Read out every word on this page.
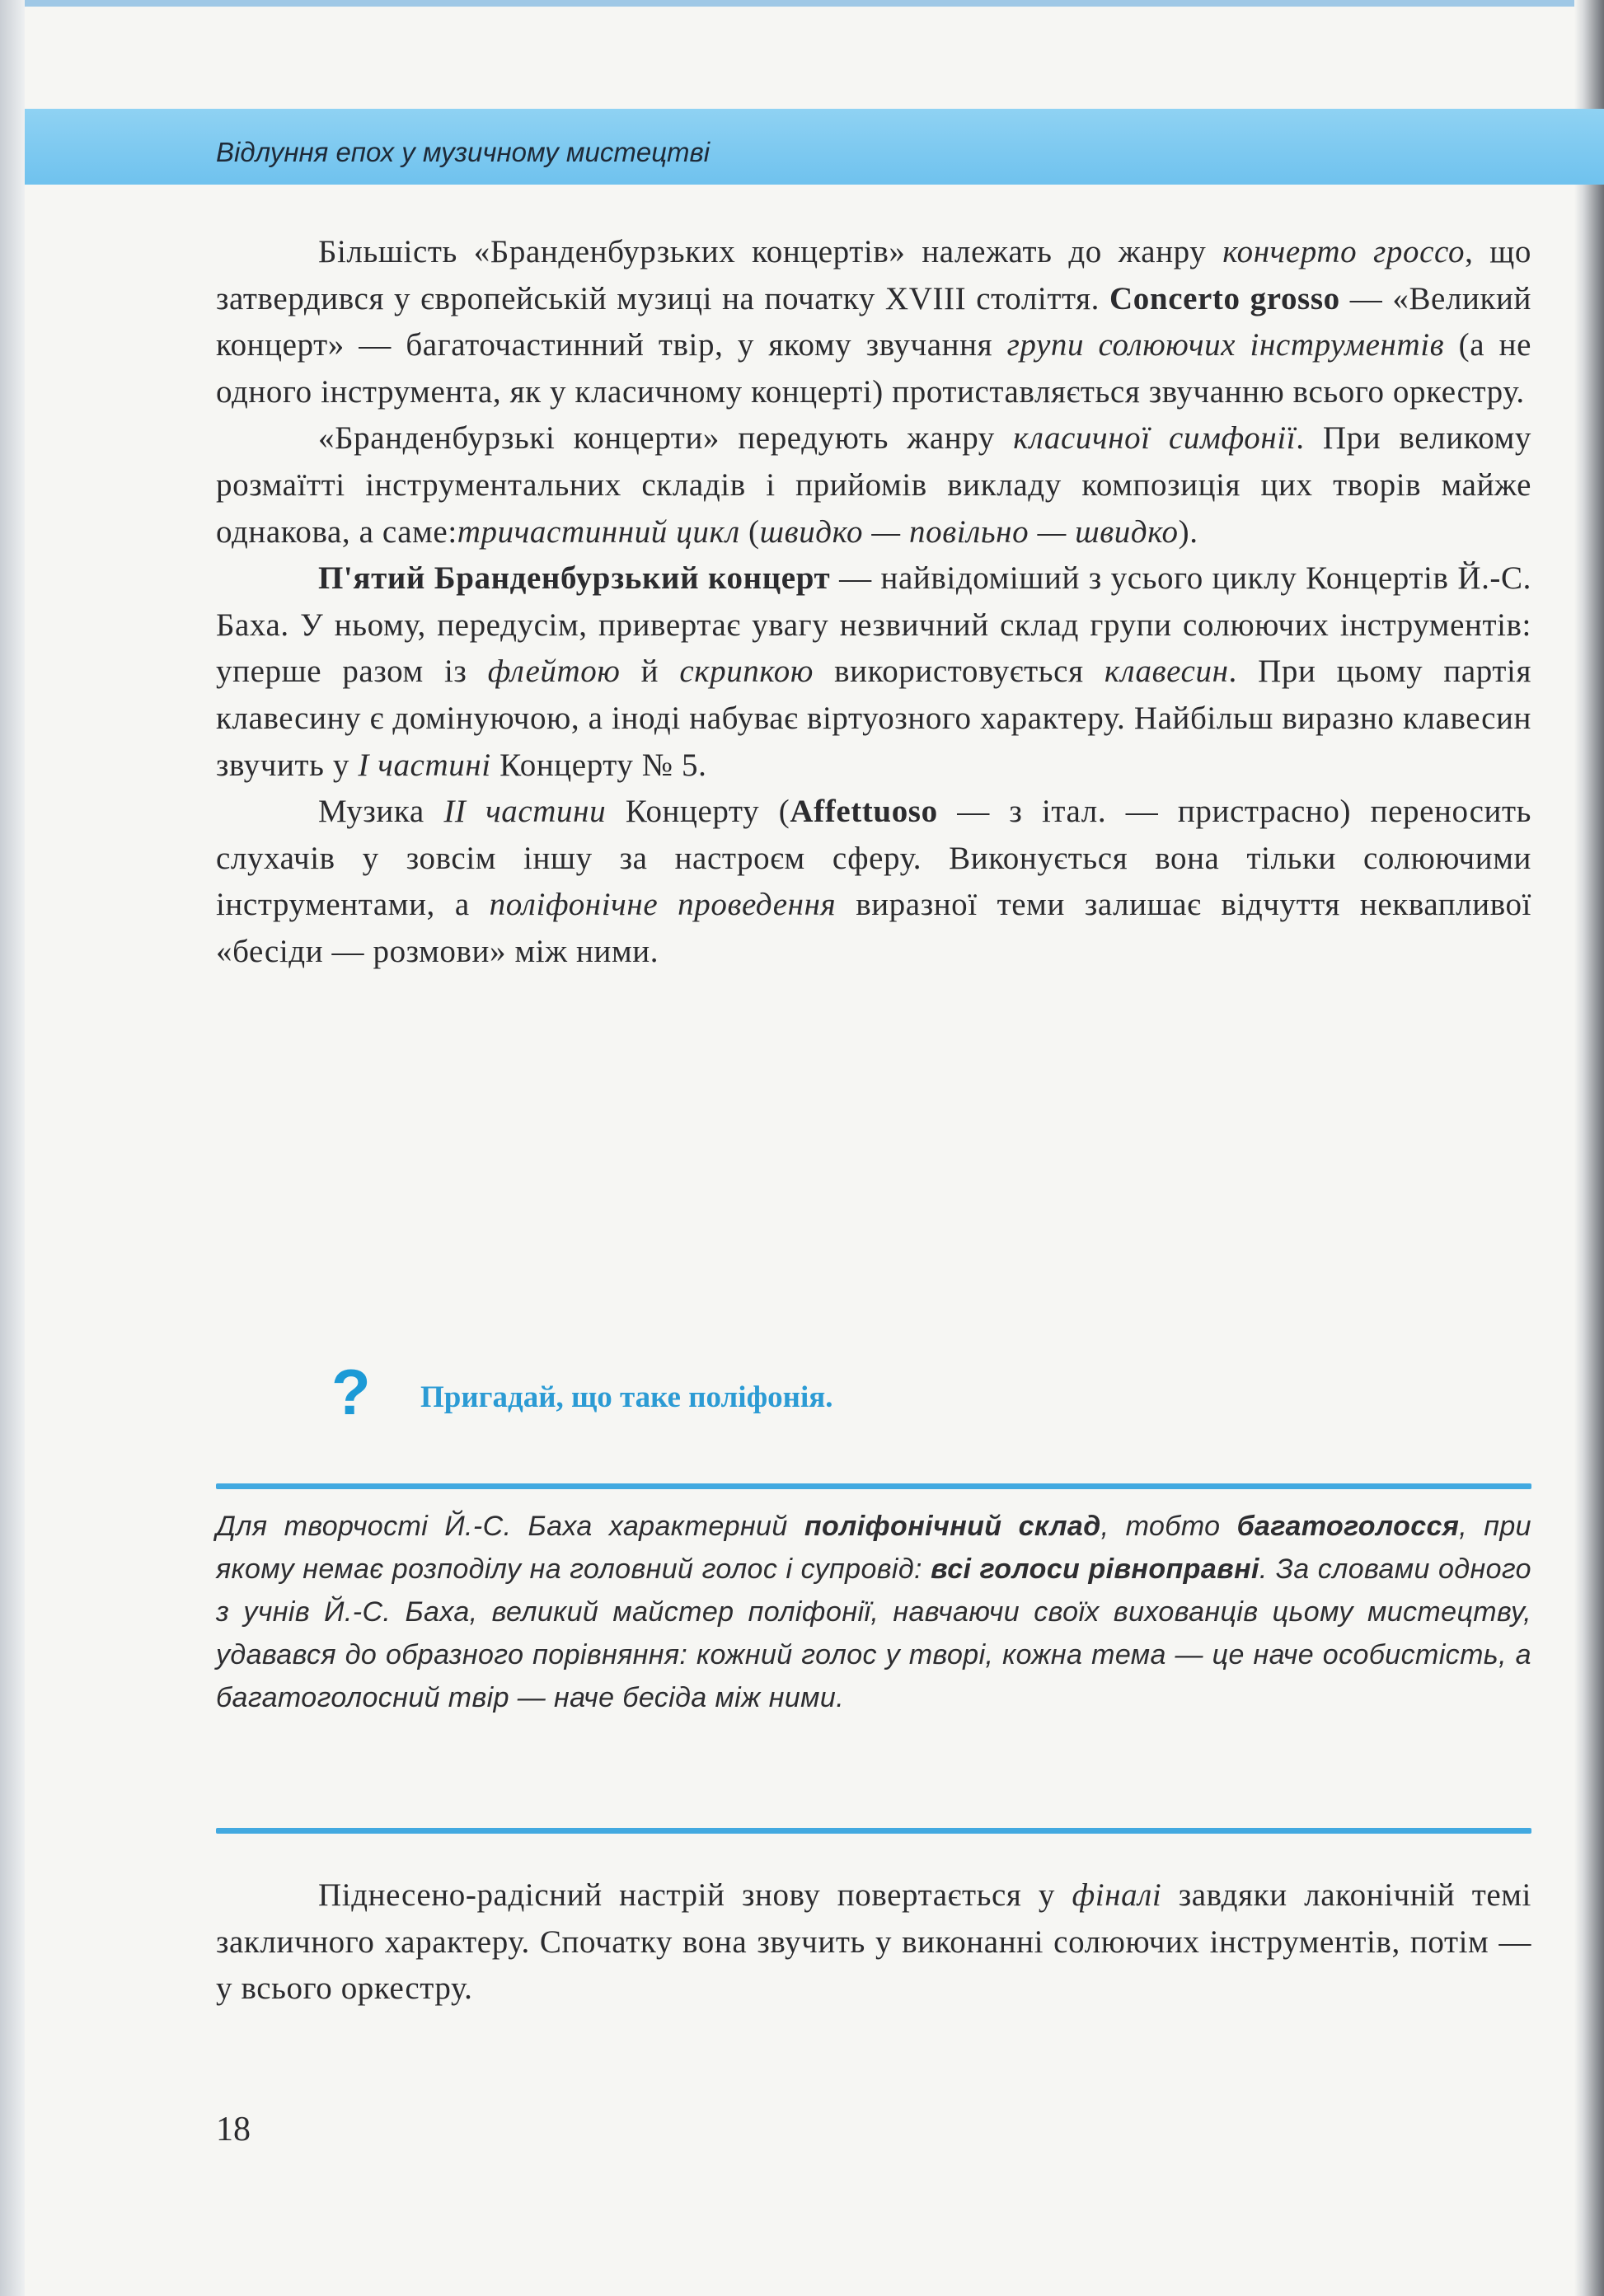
Відлуння епох у музичному мистецтві

Більшість «Бранденбурзьких концертів» належать до жанру кончерто гроссо, що затвердився у європейській музиці на початку XVIII століття. Concerto grosso — «Великий концерт» — багаточастинний твір, у якому звучання групи солюючих інструментів (а не одного інструмента, як у класичному концерті) протиставляється звучанню всього оркестру.

«Бранденбурзькі концерти» передують жанру класичної симфонії. При великому розмаїтті інструментальних складів і прийомів викладу композиція цих творів майже однакова, а саме:тричастинний цикл (швидко — повільно — швидко).

П'ятий Бранденбурзький концерт — найвідоміший з усього циклу Концертів Й.-С. Баха. У ньому, передусім, привертає увагу незвичний склад групи солюючих інструментів: уперше разом із флейтою й скрипкою використовується клавесин. При цьому партія клавесину є домінуючою, а іноді набуває віртуозного характеру. Найбільш виразно клавесин звучить у I частині Концерту № 5.

Музика II частини Концерту (Affettuoso — з італ. — пристрасно) переносить слухачів у зовсім іншу за настроєм сферу. Виконується вона тільки солюючими інструментами, а поліфонічне проведення виразної теми залишає відчуття неквапливої «бесіди — розмови» між ними.

? Пригадай, що таке поліфонія.

Для творчості Й.-С. Баха характерний поліфонічний склад, тобто багатоголосся, при якому немає розподілу на головний голос і супровід: всі голоси рівноправні. За словами одного з учнів Й.-С. Баха, великий майстер поліфонії, навчаючи своїх вихованців цьому мистецтву, удавався до образного порівняння: кожний голос у творі, кожна тема — це наче особистість, а багатоголосний твір — наче бесіда між ними.

Піднесено-радісний настрій знову повертається у фіналі завдяки лаконічній темі закличного характеру. Спочатку вона звучить у виконанні солюючих інструментів, потім — у всього оркестру.

18
